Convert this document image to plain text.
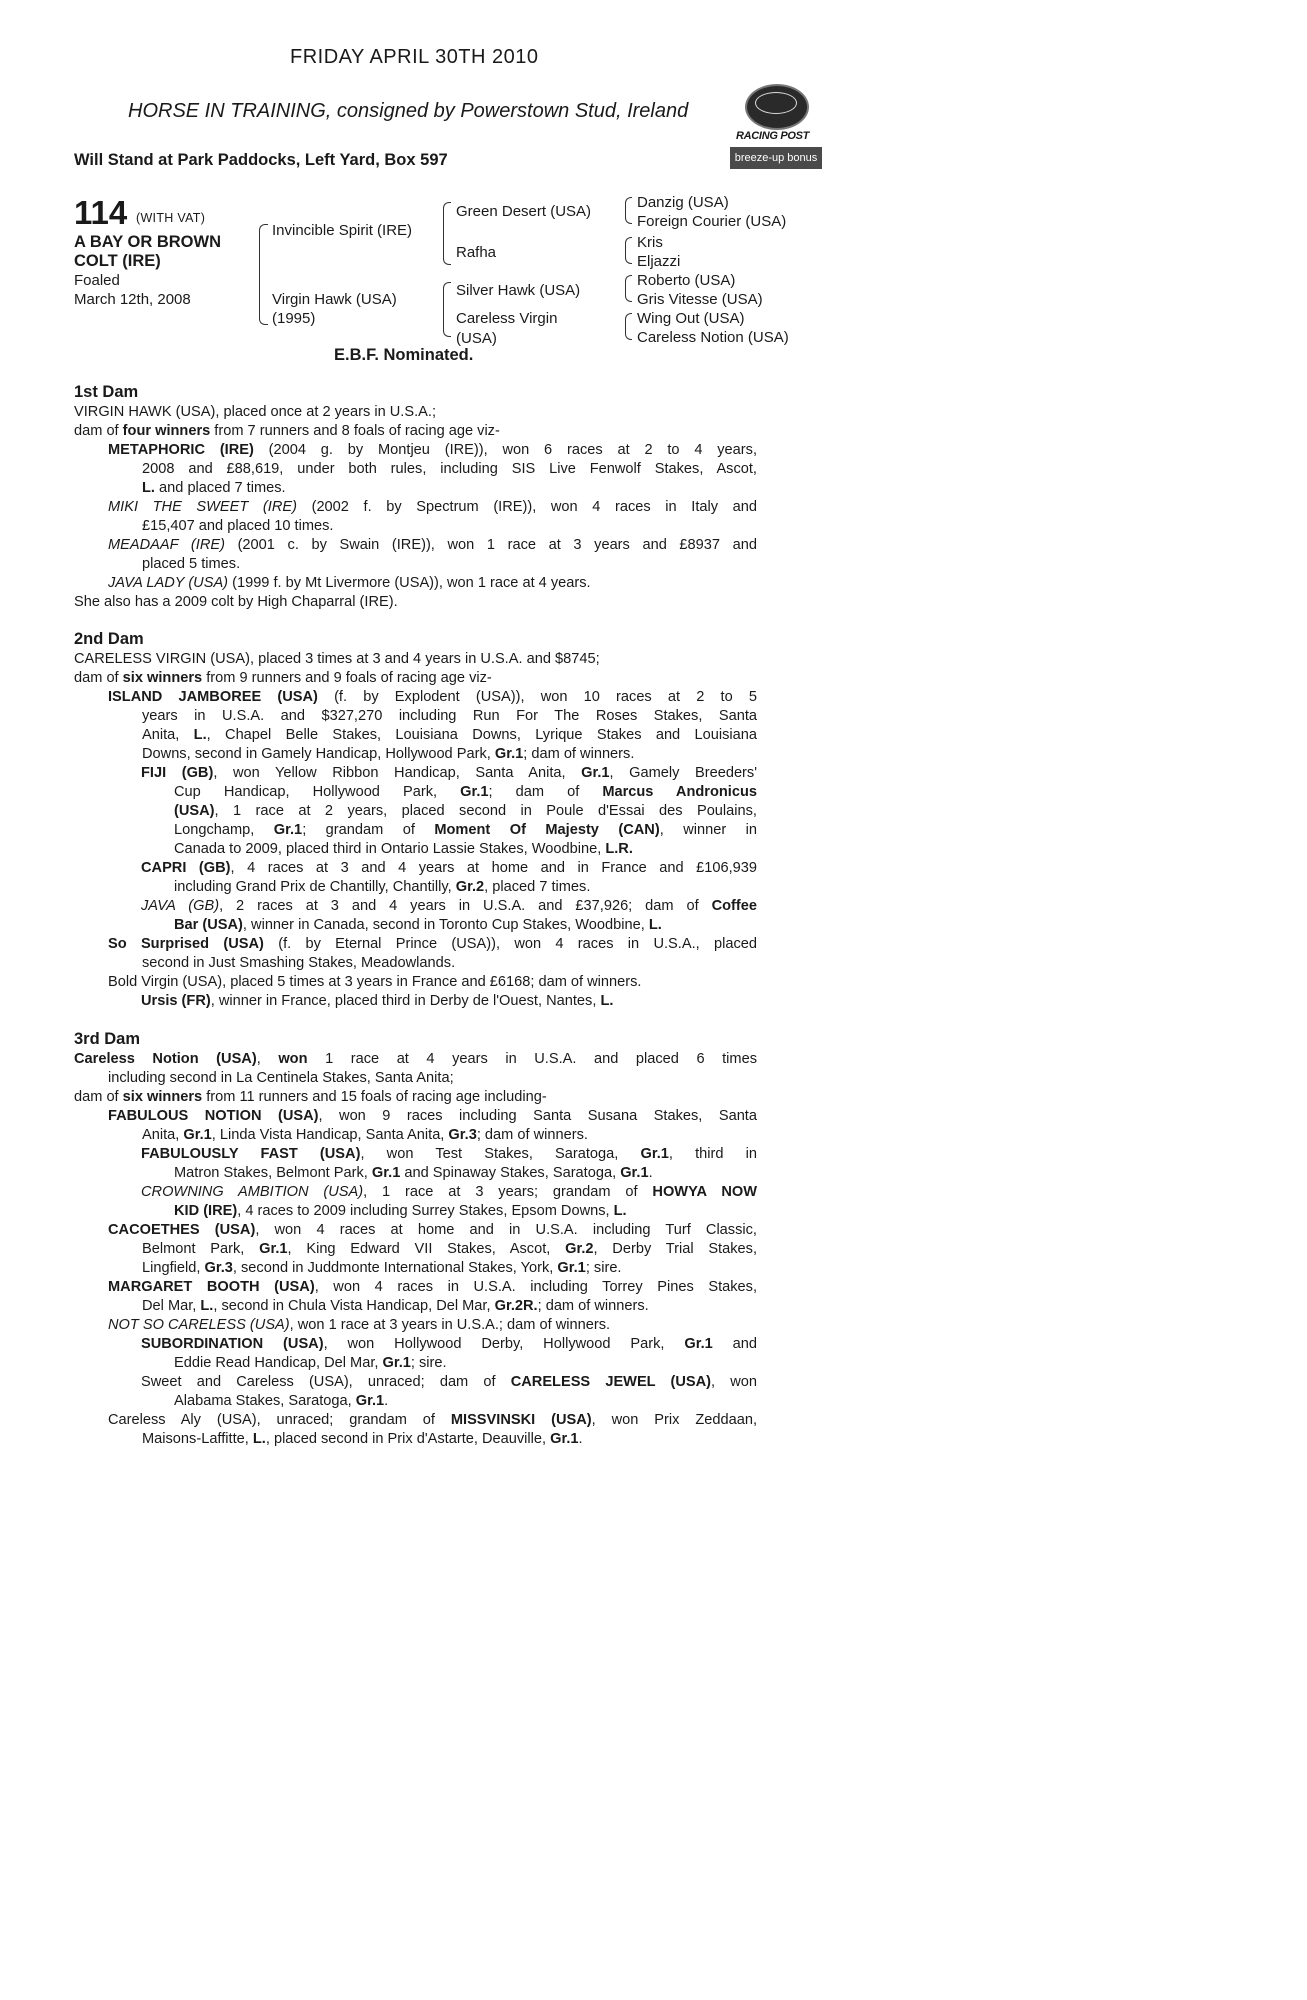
FRIDAY APRIL 30TH 2010
HORSE IN TRAINING, consigned by Powerstown Stud, Ireland
Will Stand at Park Paddocks, Left Yard, Box 597
RACING POST
breeze-up bonus
114 (WITH VAT)
A BAY OR BROWN COLT (IRE)
Foaled
March 12th, 2008
Invincible Spirit (IRE)
Virgin Hawk (USA)
(1995)
Green Desert (USA)
Rafha
Silver Hawk (USA)
Careless Virgin
(USA)
Danzig (USA)
Foreign Courier (USA)
Kris
Eljazzi
Roberto (USA)
Gris Vitesse (USA)
Wing Out (USA)
Careless Notion (USA)
E.B.F. Nominated.
1st Dam
VIRGIN HAWK (USA), placed once at 2 years in U.S.A.;
dam of four winners from 7 runners and 8 foals of racing age viz-
METAPHORIC (IRE) (2004 g. by Montjeu (IRE)), won 6 races at 2 to 4 years,
2008 and £88,619, under both rules, including SIS Live Fenwolf Stakes, Ascot,
L. and placed 7 times.
MIKI THE SWEET (IRE) (2002 f. by Spectrum (IRE)), won 4 races in Italy and
£15,407 and placed 10 times.
MEADAAF (IRE) (2001 c. by Swain (IRE)), won 1 race at 3 years and £8937 and
placed 5 times.
JAVA LADY (USA) (1999 f. by Mt Livermore (USA)), won 1 race at 4 years.
She also has a 2009 colt by High Chaparral (IRE).
2nd Dam
CARELESS VIRGIN (USA), placed 3 times at 3 and 4 years in U.S.A. and $8745;
dam of six winners from 9 runners and 9 foals of racing age viz-
ISLAND JAMBOREE (USA) (f. by Explodent (USA)), won 10 races at 2 to 5
years in U.S.A. and $327,270 including Run For The Roses Stakes, Santa
Anita, L., Chapel Belle Stakes, Louisiana Downs, Lyrique Stakes and Louisiana
Downs, second in Gamely Handicap, Hollywood Park, Gr.1; dam of winners.
FIJI (GB), won Yellow Ribbon Handicap, Santa Anita, Gr.1, Gamely Breeders'
Cup Handicap, Hollywood Park, Gr.1; dam of Marcus Andronicus
(USA), 1 race at 2 years, placed second in Poule d'Essai des Poulains,
Longchamp, Gr.1; grandam of Moment Of Majesty (CAN), winner in
Canada to 2009, placed third in Ontario Lassie Stakes, Woodbine, L.R.
CAPRI (GB), 4 races at 3 and 4 years at home and in France and £106,939
including Grand Prix de Chantilly, Chantilly, Gr.2, placed 7 times.
JAVA (GB), 2 races at 3 and 4 years in U.S.A. and £37,926; dam of Coffee
Bar (USA), winner in Canada, second in Toronto Cup Stakes, Woodbine, L.
So Surprised (USA) (f. by Eternal Prince (USA)), won 4 races in U.S.A., placed
second in Just Smashing Stakes, Meadowlands.
Bold Virgin (USA), placed 5 times at 3 years in France and £6168; dam of winners.
Ursis (FR), winner in France, placed third in Derby de l'Ouest, Nantes, L.
3rd Dam
Careless Notion (USA), won 1 race at 4 years in U.S.A. and placed 6 times
including second in La Centinela Stakes, Santa Anita;
dam of six winners from 11 runners and 15 foals of racing age including-
FABULOUS NOTION (USA), won 9 races including Santa Susana Stakes, Santa
Anita, Gr.1, Linda Vista Handicap, Santa Anita, Gr.3; dam of winners.
FABULOUSLY FAST (USA), won Test Stakes, Saratoga, Gr.1, third in
Matron Stakes, Belmont Park, Gr.1 and Spinaway Stakes, Saratoga, Gr.1.
CROWNING AMBITION (USA), 1 race at 3 years; grandam of HOWYA NOW
KID (IRE), 4 races to 2009 including Surrey Stakes, Epsom Downs, L.
CACOETHES (USA), won 4 races at home and in U.S.A. including Turf Classic,
Belmont Park, Gr.1, King Edward VII Stakes, Ascot, Gr.2, Derby Trial Stakes,
Lingfield, Gr.3, second in Juddmonte International Stakes, York, Gr.1; sire.
MARGARET BOOTH (USA), won 4 races in U.S.A. including Torrey Pines Stakes,
Del Mar, L., second in Chula Vista Handicap, Del Mar, Gr.2R.; dam of winners.
NOT SO CARELESS (USA), won 1 race at 3 years in U.S.A.; dam of winners.
SUBORDINATION (USA), won Hollywood Derby, Hollywood Park, Gr.1 and
Eddie Read Handicap, Del Mar, Gr.1; sire.
Sweet and Careless (USA), unraced; dam of CARELESS JEWEL (USA), won
Alabama Stakes, Saratoga, Gr.1.
Careless Aly (USA), unraced; grandam of MISSVINSKI (USA), won Prix Zeddaan,
Maisons-Laffitte, L., placed second in Prix d'Astarte, Deauville, Gr.1.
